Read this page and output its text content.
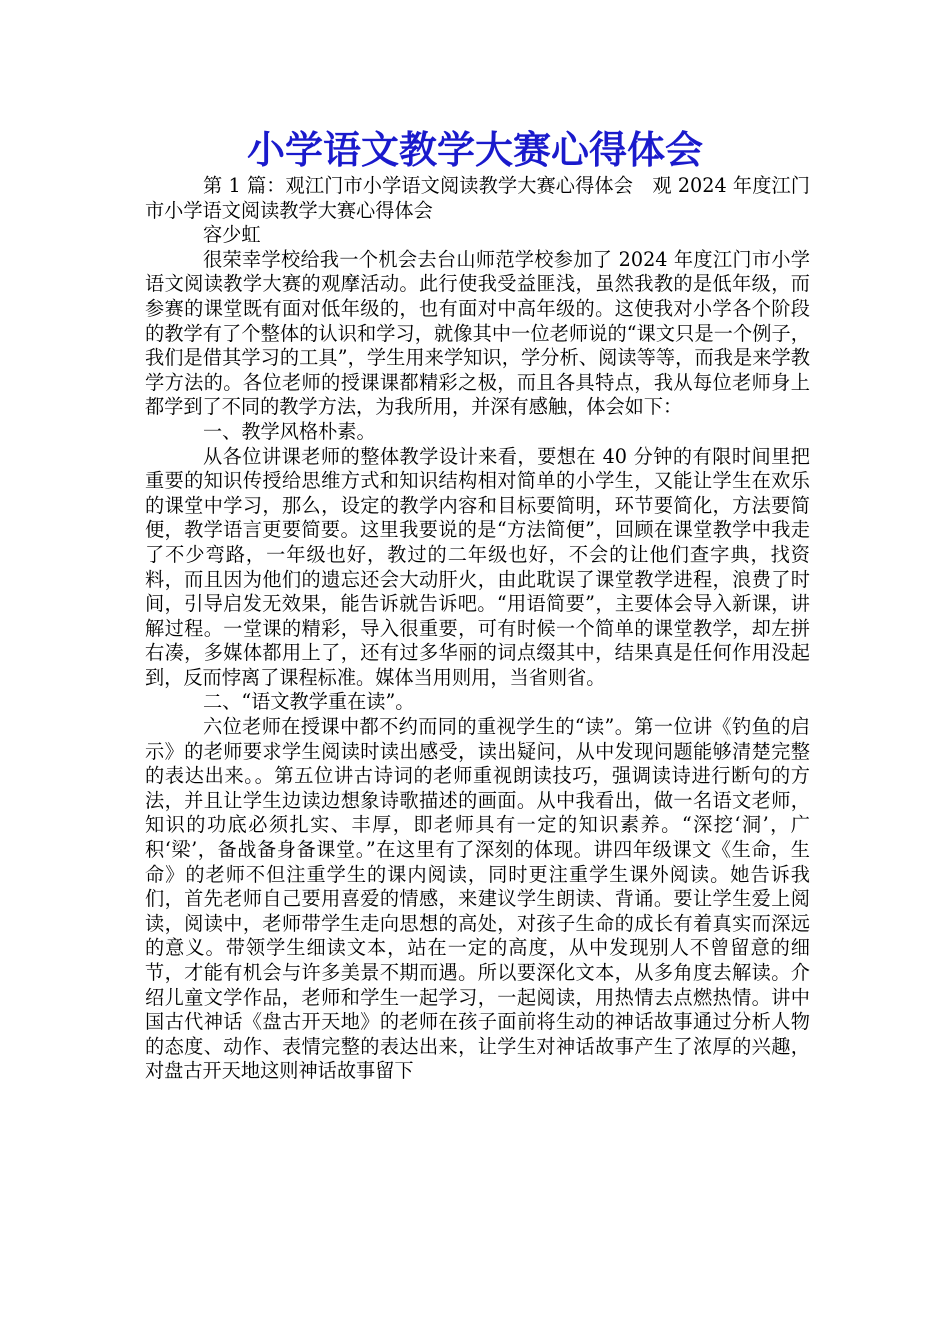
小学语文教学大赛心得体会

第 1 篇：观江门市小学语文阅读教学大赛心得体会　观 2024 年度江门市小学语文阅读教学大赛心得体会

容少虹

很荣幸学校给我一个机会去台山师范学校参加了 2024 年度江门市小学语文阅读教学大赛的观摩活动。此行使我受益匪浅，虽然我教的是低年级，而参赛的课堂既有面对低年级的，也有面对中高年级的。这使我对小学各个阶段的教学有了个整体的认识和学习，就像其中一位老师说的“课文只是一个例子，我们是借其学习的工具”，学生用来学知识，学分析、阅读等等，而我是来学教学方法的。各位老师的授课课都精彩之极，而且各具特点，我从每位老师身上都学到了不同的教学方法，为我所用，并深有感触，体会如下：

一、教学风格朴素。

从各位讲课老师的整体教学设计来看，要想在 40 分钟的有限时间里把重要的知识传授给思维方式和知识结构相对简单的小学生，又能让学生在欢乐的课堂中学习，那么，设定的教学内容和目标要简明，环节要简化，方法要简便，教学语言更要简要。这里我要说的是“方法简便”，回顾在课堂教学中我走了不少弯路，一年级也好，教过的二年级也好，不会的让他们查字典，找资料，而且因为他们的遗忘还会大动肝火，由此耽误了课堂教学进程，浪费了时间，引导启发无效果，能告诉就告诉吧。“用语简要”，主要体会导入新课，讲解过程。一堂课的精彩，导入很重要，可有时候一个简单的课堂教学，却左拼右凑，多媒体都用上了，还有过多华丽的词点缀其中，结果真是任何作用没起到，反而悖离了课程标准。媒体当用则用，当省则省。

二、“语文教学重在读”。

六位老师在授课中都不约而同的重视学生的“读”。第一位讲《钓鱼的启示》的老师要求学生阅读时读出感受，读出疑问，从中发现问题能够清楚完整的表达出来。。第五位讲古诗词的老师重视朗读技巧，强调读诗进行断句的方法，并且让学生边读边想象诗歌描述的画面。从中我看出，做一名语文老师，知识的功底必须扎实、丰厚，即老师具有一定的知识素养。“深挖‘洞’，广积‘梁’，备战备身备课堂。”在这里有了深刻的体现。讲四年级课文《生命，生命》的老师不但注重学生的课内阅读，同时更注重学生课外阅读。她告诉我们，首先老师自己要用喜爱的情感，来建议学生朗读、背诵。要让学生爱上阅读，阅读中，老师带学生走向思想的高处，对孩子生命的成长有着真实而深远的意义。带领学生细读文本，站在一定的高度，从中发现别人不曾留意的细节，才能有机会与许多美景不期而遇。所以要深化文本，从多角度去解读。介绍儿童文学作品，老师和学生一起学习，一起阅读，用热情去点燃热情。讲中国古代神话《盘古开天地》的老师在孩子面前将生动的神话故事通过分析人物的态度、动作、表情完整的表达出来，让学生对神话故事产生了浓厚的兴趣，对盘古开天地这则神话故事留下
